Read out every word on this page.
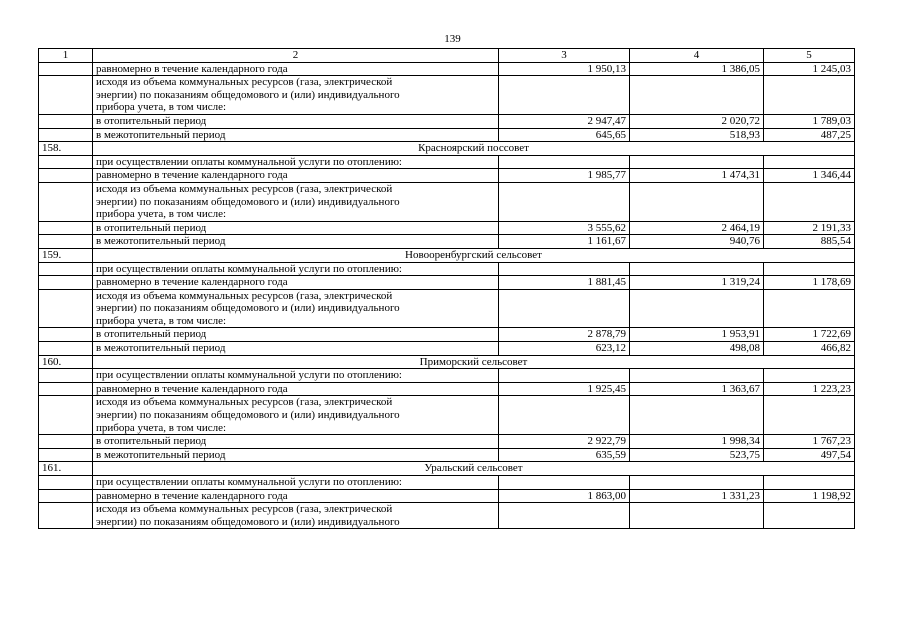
139
1	2	3	4	5
	равномерно в течение календарного года	1 950,13	1 386,05	1 245,03
	исходя из объема коммунальных ресурсов (газа, электрической
энергии) по показаниям общедомового и (или) индивидуального
прибора учета, в том числе:			
	в отопительный период	2 947,47	2 020,72	1 789,03
	в межотопительный период	645,65	518,93	487,25
158.	Красноярский поссовет			
	при осуществлении оплаты коммунальной услуги по отоплению:			
	равномерно в течение календарного года	1 985,77	1 474,31	1 346,44
	исходя из объема коммунальных ресурсов (газа, электрической
энергии) по показаниям общедомового и (или) индивидуального
прибора учета, в том числе:			
	в отопительный период	3 555,62	2 464,19	2 191,33
	в межотопительный период	1 161,67	940,76	885,54
159.	Новооренбургский сельсовет			
	при осуществлении оплаты коммунальной услуги по отоплению:			
	равномерно в течение календарного года	1 881,45	1 319,24	1 178,69
	исходя из объема коммунальных ресурсов (газа, электрической
энергии) по показаниям общедомового и (или) индивидуального
прибора учета, в том числе:			
	в отопительный период	2 878,79	1 953,91	1 722,69
	в межотопительный период	623,12	498,08	466,82
160.	Приморский сельсовет			
	при осуществлении оплаты коммунальной услуги по отоплению:			
	равномерно в течение календарного года	1 925,45	1 363,67	1 223,23
	исходя из объема коммунальных ресурсов (газа, электрической
энергии) по показаниям общедомового и (или) индивидуального
прибора учета, в том числе:			
	в отопительный период	2 922,79	1 998,34	1 767,23
	в межотопительный период	635,59	523,75	497,54
161.	Уральский сельсовет			
	при осуществлении оплаты коммунальной услуги по отоплению:			
	равномерно в течение календарного года	1 863,00	1 331,23	1 198,92
	исходя из объема коммунальных ресурсов (газа, электрической
энергии) по показаниям общедомового и (или) индивидуального			
